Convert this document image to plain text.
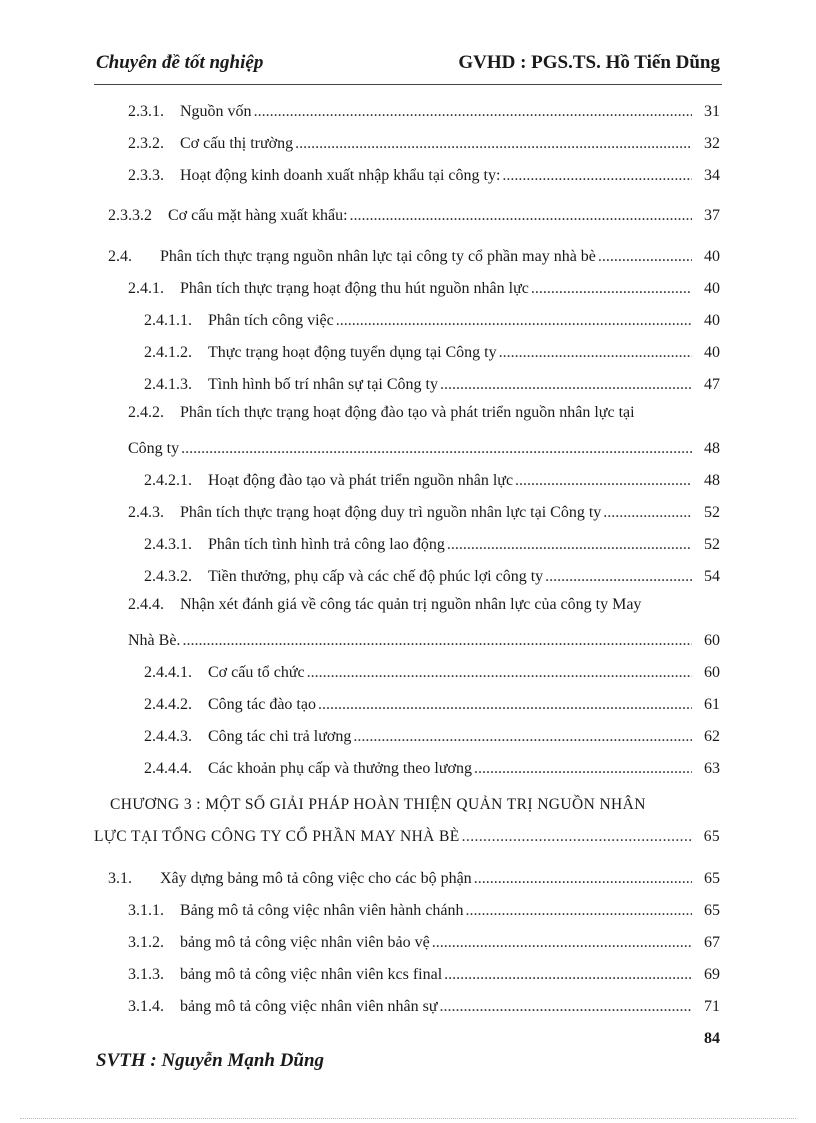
Chuyên đề tốt nghiệp	GVHD : PGS.TS. Hồ Tiến Dũng
2.3.1.	Nguồn vốn .....	31
2.3.2.	Cơ cấu thị trường .....	32
2.3.3.	Hoạt động kinh doanh xuất nhập khẩu tại công ty: .....	34
2.3.3.2	Cơ cấu mặt hàng xuất khẩu: .....	37
2.4.	Phân tích thực trạng nguồn nhân lực tại công ty cổ phần may nhà bè .....	40
2.4.1.	Phân tích thực trạng hoạt động thu hút nguồn nhân lực .....	40
2.4.1.1.	Phân tích công việc .....	40
2.4.1.2.	Thực trạng hoạt động tuyển dụng tại Công ty .....	40
2.4.1.3.	Tình hình bố trí nhân sự tại Công ty .....	47
2.4.2. Phân tích thực trạng hoạt động đào tạo và phát triển nguồn nhân lực tại
Công ty .....	48
2.4.2.1.	Hoạt động đào tạo và phát triển nguồn nhân lực .....	48
2.4.3.	Phân tích thực trạng hoạt động duy trì nguồn nhân lực tại Công ty .....	52
2.4.3.1.	Phân tích tình hình trả công lao động .....	52
2.4.3.2.	Tiền thưởng, phụ cấp và các chế độ phúc lợi công ty .....	54
2.4.4. Nhận xét đánh giá về công tác quản trị nguồn nhân lực của công ty May
Nhà Bè. .....	60
2.4.4.1.	Cơ cấu tổ chức .....	60
2.4.4.2.	Công tác đào tạo .....	61
2.4.4.3.	Công tác chi trả lương .....	62
2.4.4.4.	Các khoản phụ cấp và thưởng theo lương .....	63
CHƯƠNG 3 : MỘT SỐ GIẢI PHÁP HOÀN THIỆN QUẢN TRỊ NGUỒN NHÂN
LỰC TẠI TỔNG CÔNG TY CỔ PHẦN MAY NHÀ BÈ .....	65
3.1.	Xây dựng bảng mô tả công việc cho các bộ phận .....	65
3.1.1.	Bảng mô tả công việc nhân viên hành chánh .....	65
3.1.2.	bảng mô tả công việc nhân viên bảo vệ .....	67
3.1.3.	bảng mô tả công việc nhân viên kcs final .....	69
3.1.4.	bảng mô tả công việc nhân viên nhân sự .....	71
84
SVTH : Nguyễn Mạnh Dũng
